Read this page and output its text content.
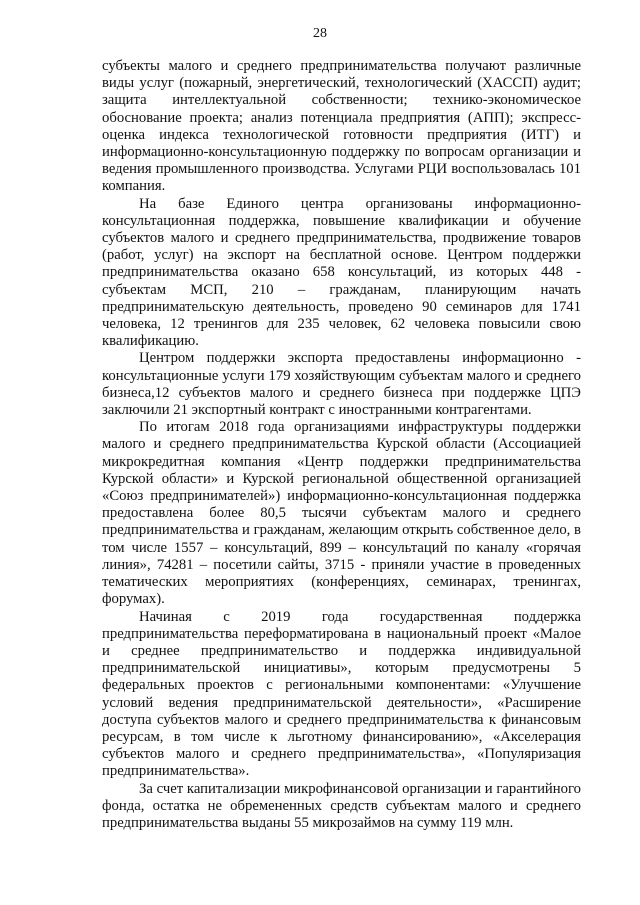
28

субъекты малого и среднего предпринимательства получают различные виды услуг (пожарный, энергетический, технологический (ХАССП) аудит; защита интеллектуальной собственности; технико-экономическое обоснование проекта; анализ потенциала предприятия (АПП); экспресс-оценка индекса технологической готовности предприятия (ИТГ) и информационно-консультационную поддержку по вопросам организации и ведения промышленного производства. Услугами РЦИ воспользовалась 101 компания.

На базе Единого центра организованы информационно-консультационная поддержка, повышение квалификации и обучение субъектов малого и среднего предпринимательства, продвижение товаров (работ, услуг) на экспорт на бесплатной основе. Центром поддержки предпринимательства оказано 658 консультаций, из которых 448 - субъектам МСП, 210 – гражданам, планирующим начать предпринимательскую деятельность, проведено 90 семинаров для 1741 человека, 12 тренингов для 235 человек, 62 человека повысили свою квалификацию.

Центром поддержки экспорта предоставлены информационно - консультационные услуги 179 хозяйствующим субъектам малого и среднего бизнеса,12 субъектов малого и среднего бизнеса при поддержке ЦПЭ заключили 21 экспортный контракт с иностранными контрагентами.

По итогам 2018 года организациями инфраструктуры поддержки малого и среднего предпринимательства Курской области (Ассоциацией микрокредитная компания «Центр поддержки предпринимательства Курской области» и Курской региональной общественной организацией «Союз предпринимателей») информационно-консультационная поддержка предоставлена более 80,5 тысячи субъектам малого и среднего предпринимательства и гражданам, желающим открыть собственное дело, в том числе 1557 – консультаций, 899 – консультаций по каналу «горячая линия», 74281 – посетили сайты, 3715 - приняли участие в проведенных тематических мероприятиях (конференциях, семинарах, тренингах, форумах).

Начиная с 2019 года государственная поддержка предпринимательства переформатирована в национальный проект «Малое и среднее предпринимательство и поддержка индивидуальной предпринимательской инициативы», которым предусмотрены 5 федеральных проектов с региональными компонентами: «Улучшение условий ведения предпринимательской деятельности», «Расширение доступа субъектов малого и среднего предпринимательства к финансовым ресурсам, в том числе к льготному финансированию», «Акселерация субъектов малого и среднего предпринимательства», «Популяризация предпринимательства».

За счет капитализации микрофинансовой организации и гарантийного фонда, остатка не обремененных средств субъектам малого и среднего предпринимательства выданы 55 микрозаймов на сумму 119 млн.
